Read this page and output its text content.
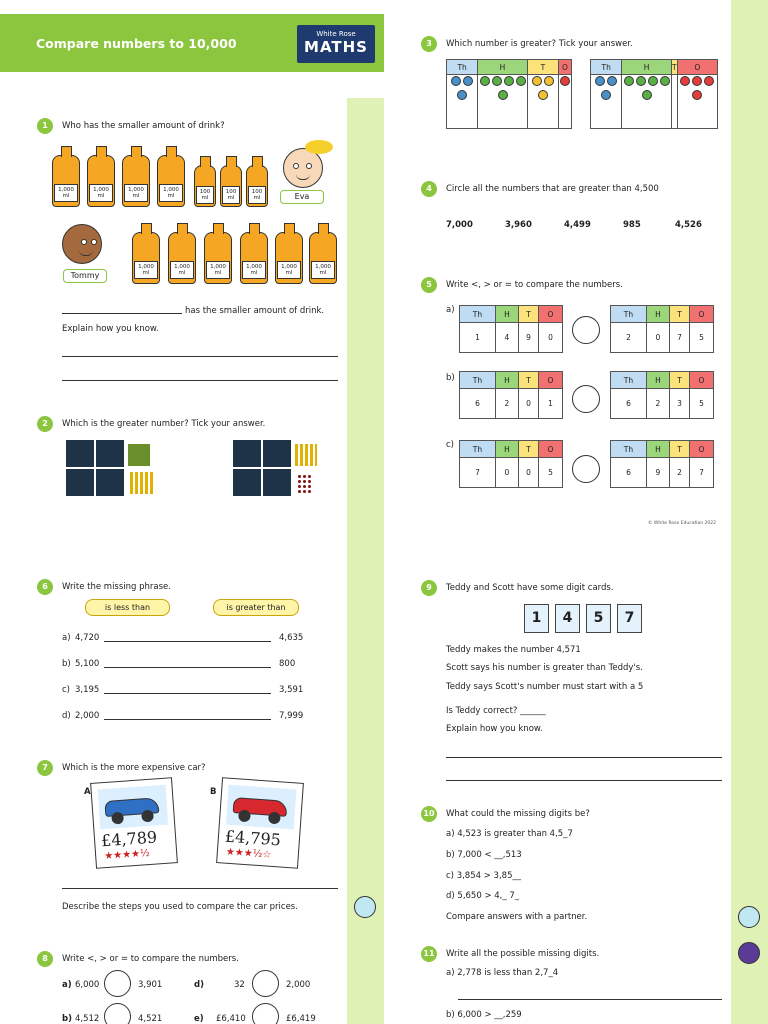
Compare numbers to 10,000
White Rose
MATHS
1	Who has the smaller amount of drink?
1,000 ml
1,000 ml
1,000 ml
1,000 ml
100 ml
100 ml
100 ml	Eva
Tommy
1,000 ml
1,000 ml
1,000 ml
1,000 ml
1,000 ml
1,000 ml
has the smaller amount of drink.
Explain how you know.
2	Which is the greater number? Tick your answer.
3	Which number is greater? Tick your answer.
Th	H	T	O
				Th	H	T	O

4	Circle all the numbers that are greater than 4,500
7,000	3,960	4,499	985	4,526
5	Write <, > or = to compare the numbers.
a) Th	H	T	O
1	4	9	0
Th	H	T	O
2	0	7	5
b) Th	H	T	O
6	2	0	1
Th	H	T	O
6	2	3	5
c)	Th	H	T	O
7	0	0	5
Th	H	T	O
6	9	2	7
© White Rose Education 2022
6	Write the missing phrase.
is less than	is greater than
a) 4,720	4,635
b) 5,100	800
c) 3,195	3,591
d) 2,000	7,999
7	Which is the more expensive car?
A
£4,789
★★★★½
B
£4,795
★★★½☆
Describe the steps you used to compare the car prices.
8	Write <, > or = to compare the numbers.
a) 6,000	3,901	d)	32	2,000
b) 4,512	4,521	e) £6,410	£6,419
9	Teddy and Scott have some digit cards.
1	4	5	7
Teddy makes the number 4,571
Scott says his number is greater than Teddy's.
Teddy says Scott's number must start with a 5
Is Teddy correct? ______
Explain how you know.
10 What could the missing digits be?
a) 4,523 is greater than 4,5_7
b) 7,000 < __,513
c) 3,854 > 3,85__
d) 5,650 > 4,_ 7_
Compare answers with a partner.
11 Write all the possible missing digits.
a) 2,778 is less than 2,7_4
b) 6,000 > __,259
